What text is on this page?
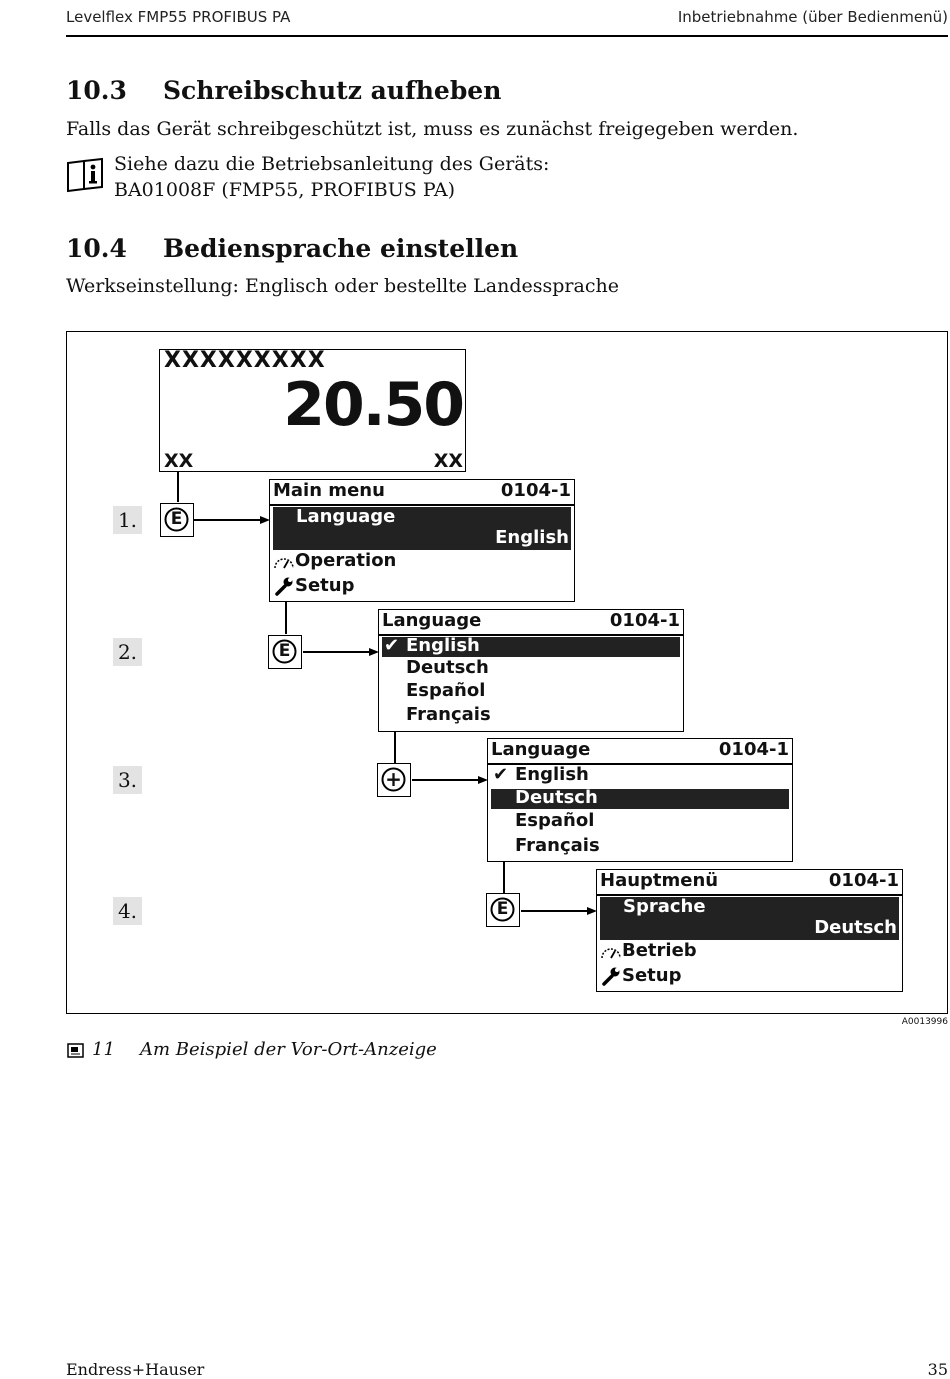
Levelflex FMP55 PROFIBUS PA	Inbetriebnahme (über Bedienmenü)
10.3 Schreibschutz aufheben
Falls das Gerät schreibgeschützt ist, muss es zunächst freigegeben werden.
Siehe dazu die Betriebsanleitung des Geräts:
BA01008F (FMP55, PROFIBUS PA)
10.4 Bediensprache einstellen
Werkseinstellung: Englisch oder bestellte Landessprache
XXXXXXXXX
20.50
XX	XX
1.
2.
3.
4.
E
Main menu	0104-1
Language
English
Operation
Setup
E
Language	0104-1
✔ English
Deutsch
Español
Français
+
Language	0104-1
✔ English
Deutsch
Español
Français
E
Hauptmenü	0104-1
Sprache
Deutsch
Betrieb
Setup
A0013996
11 Am Beispiel der Vor-Ort-Anzeige
Endress+Hauser	35
